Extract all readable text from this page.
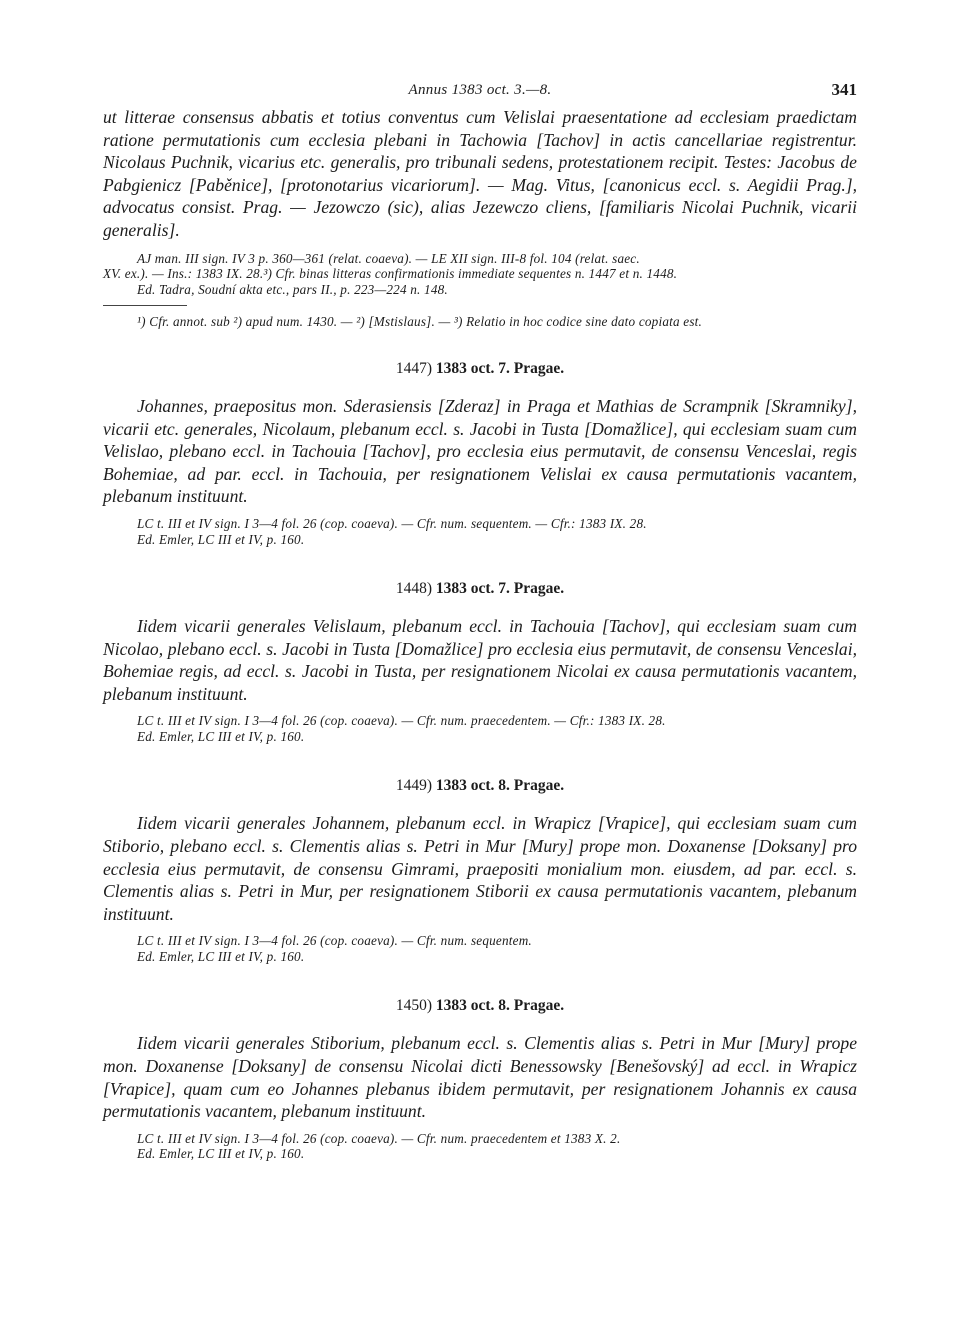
Annus 1383 oct. 3.—8.	341

ut litterae consensus abbatis et totius conventus cum Velislai praesentatione ad ecclesiam praedictam ratione permutationis cum ecclesia plebani in Tachowia [Tachov] in actis cancellariae registrentur. Nicolaus Puchnik, vicarius etc. generalis, pro tribunali sedens, protestationem recipit. Testes: Jacobus de Pabgienicz [Paběnice], [protonotarius vicariorum]. — Mag. Vitus, [canonicus eccl. s. Aegidii Prag.], advocatus consist. Prag. — Jezowczo (sic), alias Jezewczo cliens, [familiaris Nicolai Puchnik, vicarii generalis].

AJ man. III sign. IV 3 p. 360—361 (relat. coaeva). — LE XII sign. III-8 fol. 104 (relat. saec.
XV. ex.). — Ins.: 1383 IX. 28.³) Cfr. binas litteras confirmationis immediate sequentes n. 1447 et n. 1448.
Ed. Tadra, Soudní akta etc., pars II., p. 223—224 n. 148.

¹) Cfr. annot. sub ²) apud num. 1430. — ²) [Mstislaus]. — ³) Relatio in hoc codice sine dato copiata est.

1447) 1383 oct. 7. Pragae.

Johannes, praepositus mon. Sderasiensis [Zderaz] in Praga et Mathias de Scrampnik [Skramniky], vicarii etc. generales, Nicolaum, plebanum eccl. s. Jacobi in Tusta [Domažlice], qui ecclesiam suam cum Velislao, plebano eccl. in Tachouia [Tachov], pro ecclesia eius permutavit, de consensu Venceslai, regis Bohemiae, ad par. eccl. in Tachouia, per resignationem Velislai ex causa permutationis vacantem, plebanum instituunt.

LC t. III et IV sign. I 3—4 fol. 26 (cop. coaeva). — Cfr. num. sequentem. — Cfr.: 1383 IX. 28.
Ed. Emler, LC III et IV, p. 160.

1448) 1383 oct. 7. Pragae.

Iidem vicarii generales Velislaum, plebanum eccl. in Tachouia [Tachov], qui ecclesiam suam cum Nicolao, plebano eccl. s. Jacobi in Tusta [Domažlice] pro ecclesia eius permutavit, de consensu Venceslai, Bohemiae regis, ad eccl. s. Jacobi in Tusta, per resignationem Nicolai ex causa permutationis vacantem, plebanum instituunt.

LC t. III et IV sign. I 3—4 fol. 26 (cop. coaeva). — Cfr. num. praecedentem. — Cfr.: 1383 IX. 28.
Ed. Emler, LC III et IV, p. 160.

1449) 1383 oct. 8. Pragae.

Iidem vicarii generales Johannem, plebanum eccl. in Wrapicz [Vrapice], qui ecclesiam suam cum Stiborio, plebano eccl. s. Clementis alias s. Petri in Mur [Mury] prope mon. Doxanense [Doksany] pro ecclesia eius permutavit, de consensu Gimrami, praepositi monialium mon. eiusdem, ad par. eccl. s. Clementis alias s. Petri in Mur, per resignationem Stiborii ex causa permutationis vacantem, plebanum instituunt.

LC t. III et IV sign. I 3—4 fol. 26 (cop. coaeva). — Cfr. num. sequentem.
Ed. Emler, LC III et IV, p. 160.

1450) 1383 oct. 8. Pragae.

Iidem vicarii generales Stiborium, plebanum eccl. s. Clementis alias s. Petri in Mur [Mury] prope mon. Doxanense [Doksany] de consensu Nicolai dicti Benessowsky [Benešovský] ad eccl. in Wrapicz [Vrapice], quam cum eo Johannes plebanus ibidem permutavit, per resignationem Johannis ex causa permutationis vacantem, plebanum instituunt.

LC t. III et IV sign. I 3—4 fol. 26 (cop. coaeva). — Cfr. num. praecedentem et 1383 X. 2.
Ed. Emler, LC III et IV, p. 160.
